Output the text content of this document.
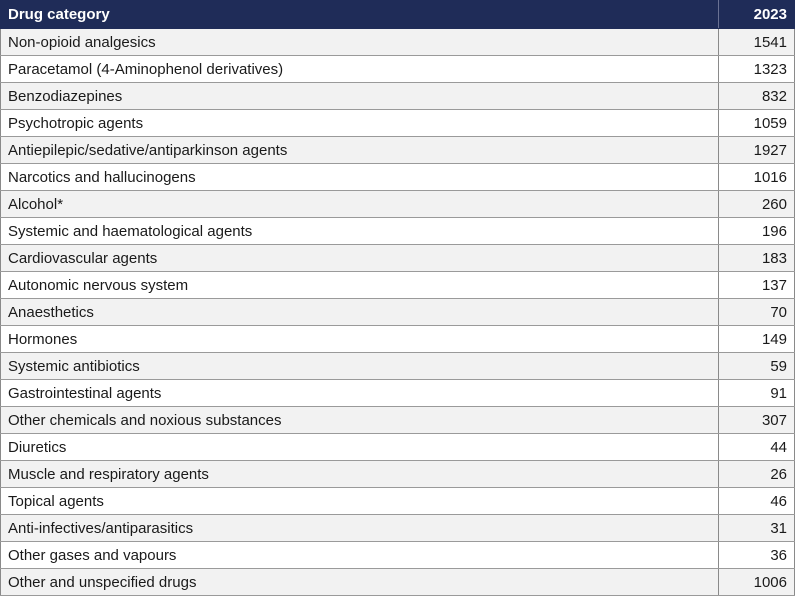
Drug category	2023
Non-opioid analgesics	1541
Paracetamol (4-Aminophenol derivatives)	1323
Benzodiazepines	832
Psychotropic agents	1059
Antiepilepic/sedative/antiparkinson agents	1927
Narcotics and hallucinogens	1016
Alcohol*	260
Systemic and haematological agents	196
Cardiovascular agents	183
Autonomic nervous system	137
Anaesthetics	70
Hormones	149
Systemic antibiotics	59
Gastrointestinal agents	91
Other chemicals and noxious substances	307
Diuretics	44
Muscle and respiratory agents	26
Topical agents	46
Anti-infectives/antiparasitics	31
Other gases and vapours	36
Other and unspecified drugs	1006
